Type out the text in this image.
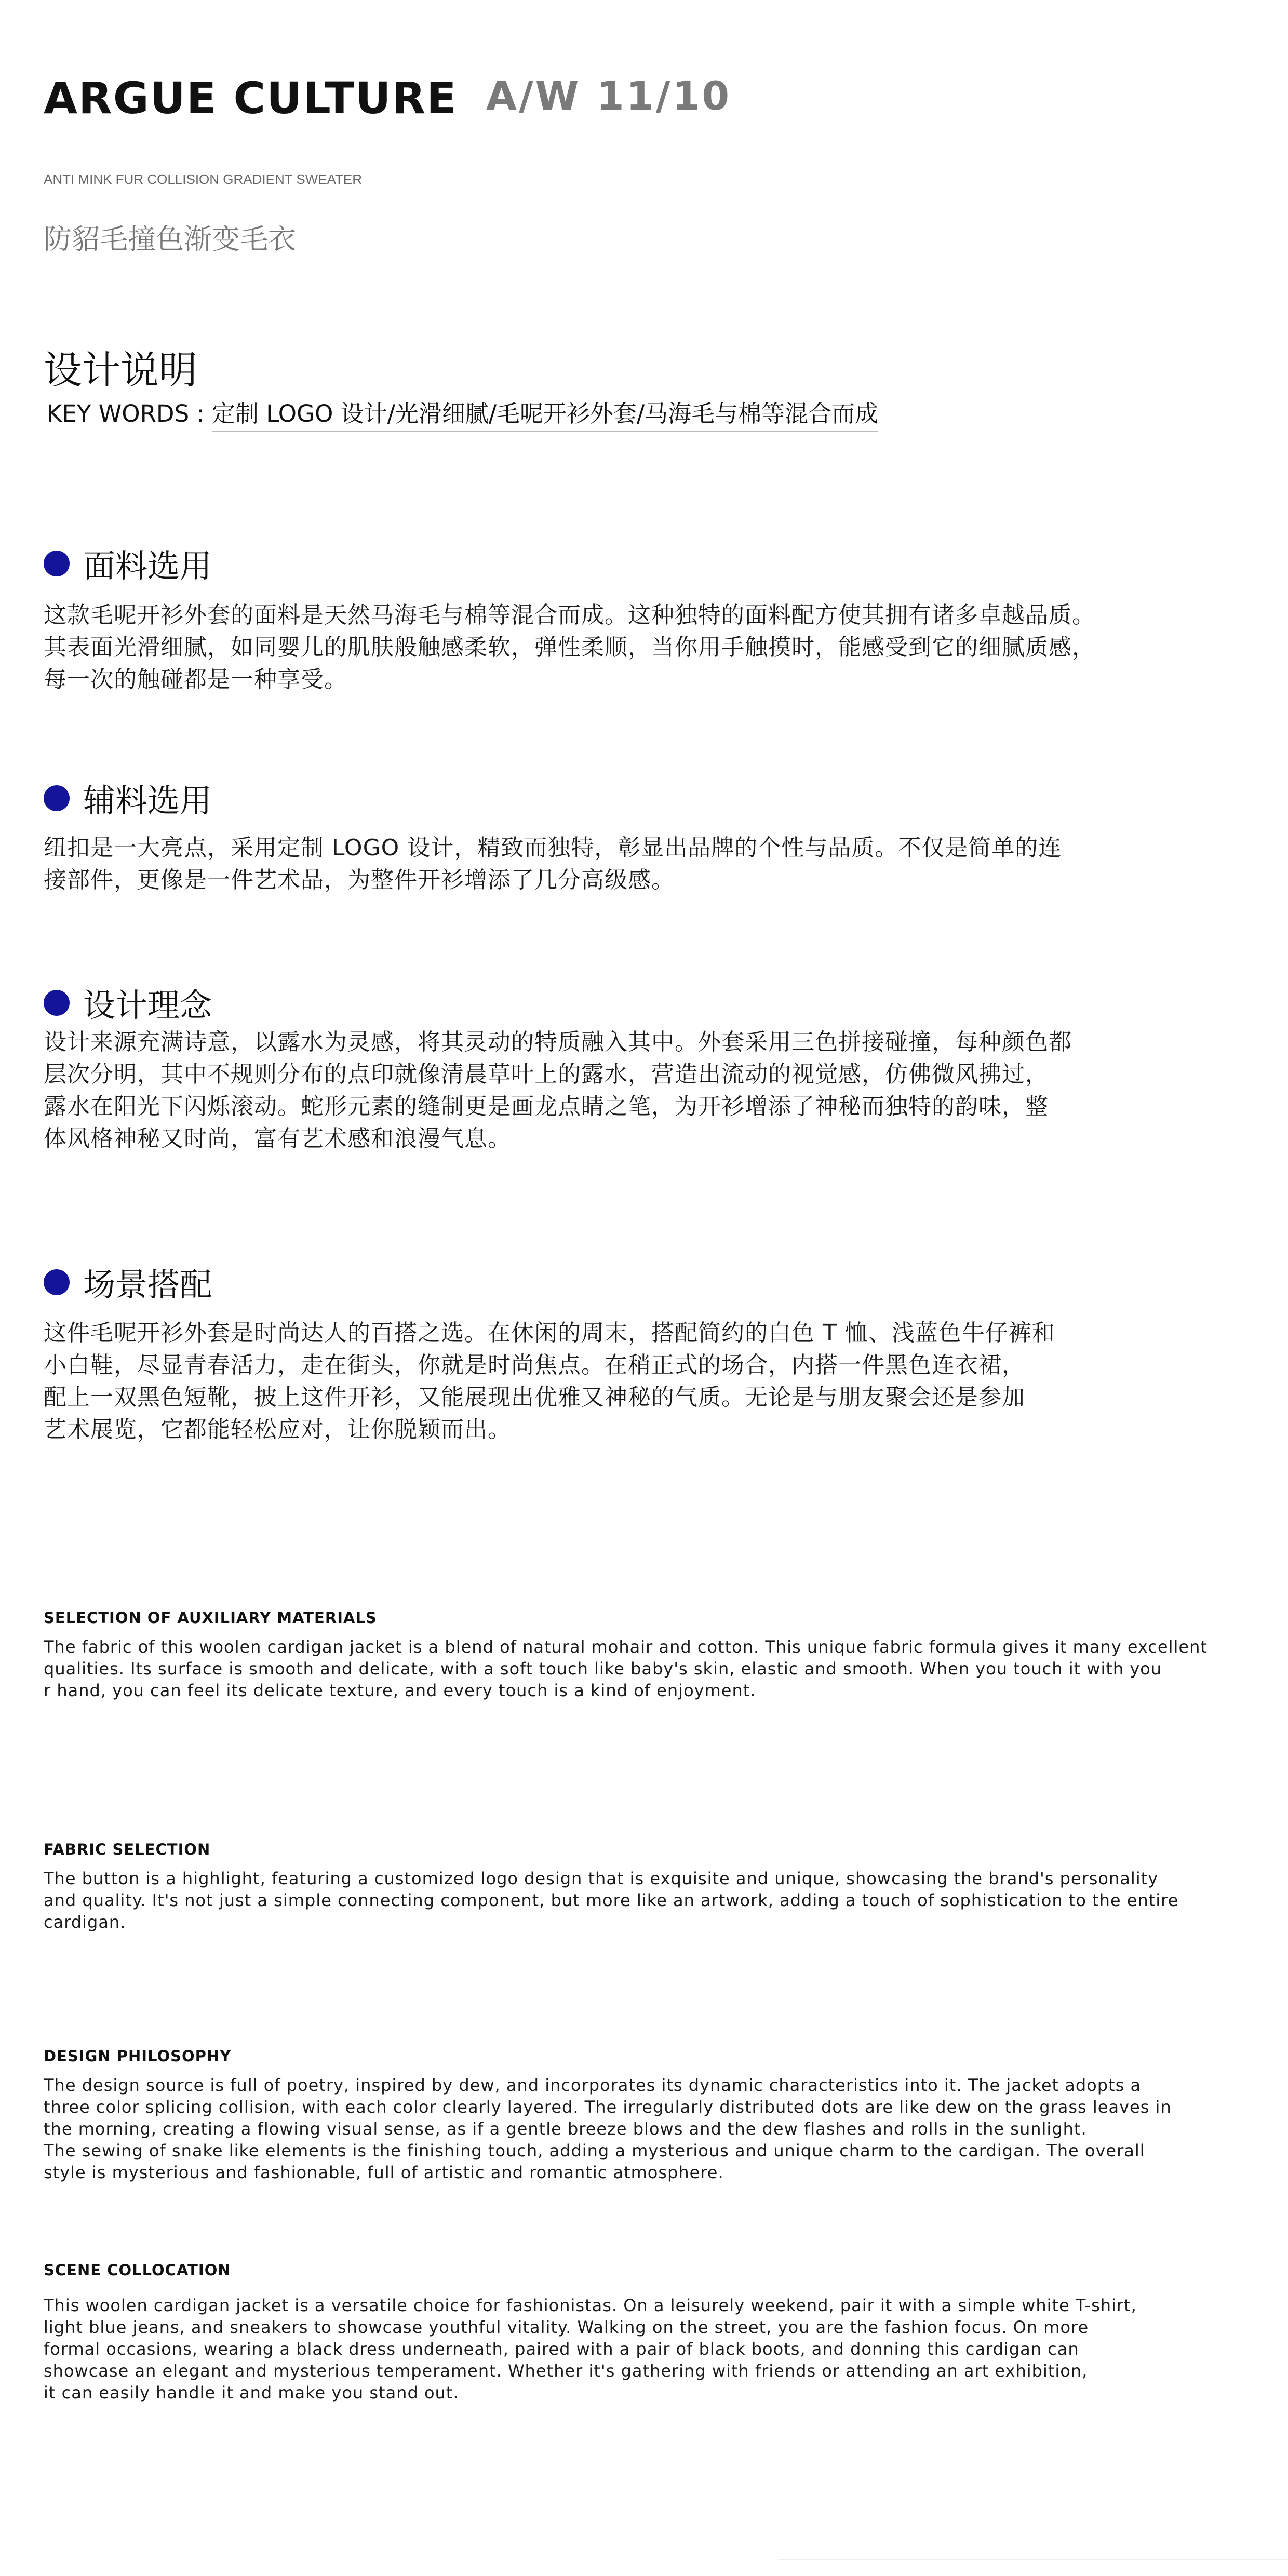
ARGUE CULTURE A/W 11/10
ANTI MINK FUR COLLISION GRADIENT SWEATER
防貂毛撞色渐变毛衣
设计说明
KEY WORDS : 定制 LOGO 设计/光滑细腻/毛呢开衫外套/马海毛与棉等混合而成
面料选用
这款毛呢开衫外套的面料是天然马海毛与棉等混合而成。这种独特的面料配方使其拥有诸多卓越品质。
其表面光滑细腻，如同婴儿的肌肤般触感柔软，弹性柔顺，当你用手触摸时，能感受到它的细腻质感，
每一次的触碰都是一种享受。
辅料选用
纽扣是一大亮点，采用定制 LOGO 设计，精致而独特，彰显出品牌的个性与品质。不仅是简单的连
接部件，更像是一件艺术品，为整件开衫增添了几分高级感。
设计理念
设计来源充满诗意，以露水为灵感，将其灵动的特质融入其中。外套采用三色拼接碰撞，每种颜色都
层次分明，其中不规则分布的点印就像清晨草叶上的露水，营造出流动的视觉感，仿佛微风拂过，
露水在阳光下闪烁滚动。蛇形元素的缝制更是画龙点睛之笔，为开衫增添了神秘而独特的韵味，整
体风格神秘又时尚，富有艺术感和浪漫气息。
场景搭配
这件毛呢开衫外套是时尚达人的百搭之选。在休闲的周末，搭配简约的白色 T 恤、浅蓝色牛仔裤和
小白鞋，尽显青春活力，走在街头，你就是时尚焦点。在稍正式的场合，内搭一件黑色连衣裙，
配上一双黑色短靴，披上这件开衫，又能展现出优雅又神秘的气质。无论是与朋友聚会还是参加
艺术展览，它都能轻松应对，让你脱颖而出。
SELECTION OF AUXILIARY MATERIALS
The fabric of this woolen cardigan jacket is a blend of natural mohair and cotton. This unique fabric formula gives it many excellent
qualities. Its surface is smooth and delicate, with a soft touch like baby's skin, elastic and smooth. When you touch it with you
r hand, you can feel its delicate texture, and every touch is a kind of enjoyment.
FABRIC SELECTION
The button is a highlight, featuring a customized logo design that is exquisite and unique, showcasing the brand's personality
and quality. It's not just a simple connecting component, but more like an artwork, adding a touch of sophistication to the entire
cardigan.
DESIGN PHILOSOPHY
The design source is full of poetry, inspired by dew, and incorporates its dynamic characteristics into it. The jacket adopts a
three color splicing collision, with each color clearly layered. The irregularly distributed dots are like dew on the grass leaves in
the morning, creating a flowing visual sense, as if a gentle breeze blows and the dew flashes and rolls in the sunlight.
The sewing of snake like elements is the finishing touch, adding a mysterious and unique charm to the cardigan. The overall
style is mysterious and fashionable, full of artistic and romantic atmosphere.
SCENE COLLOCATION
This woolen cardigan jacket is a versatile choice for fashionistas. On a leisurely weekend, pair it with a simple white T-shirt,
light blue jeans, and sneakers to showcase youthful vitality. Walking on the street, you are the fashion focus. On more
formal occasions, wearing a black dress underneath, paired with a pair of black boots, and donning this cardigan can
showcase an elegant and mysterious temperament. Whether it's gathering with friends or attending an art exhibition,
it can easily handle it and make you stand out.
